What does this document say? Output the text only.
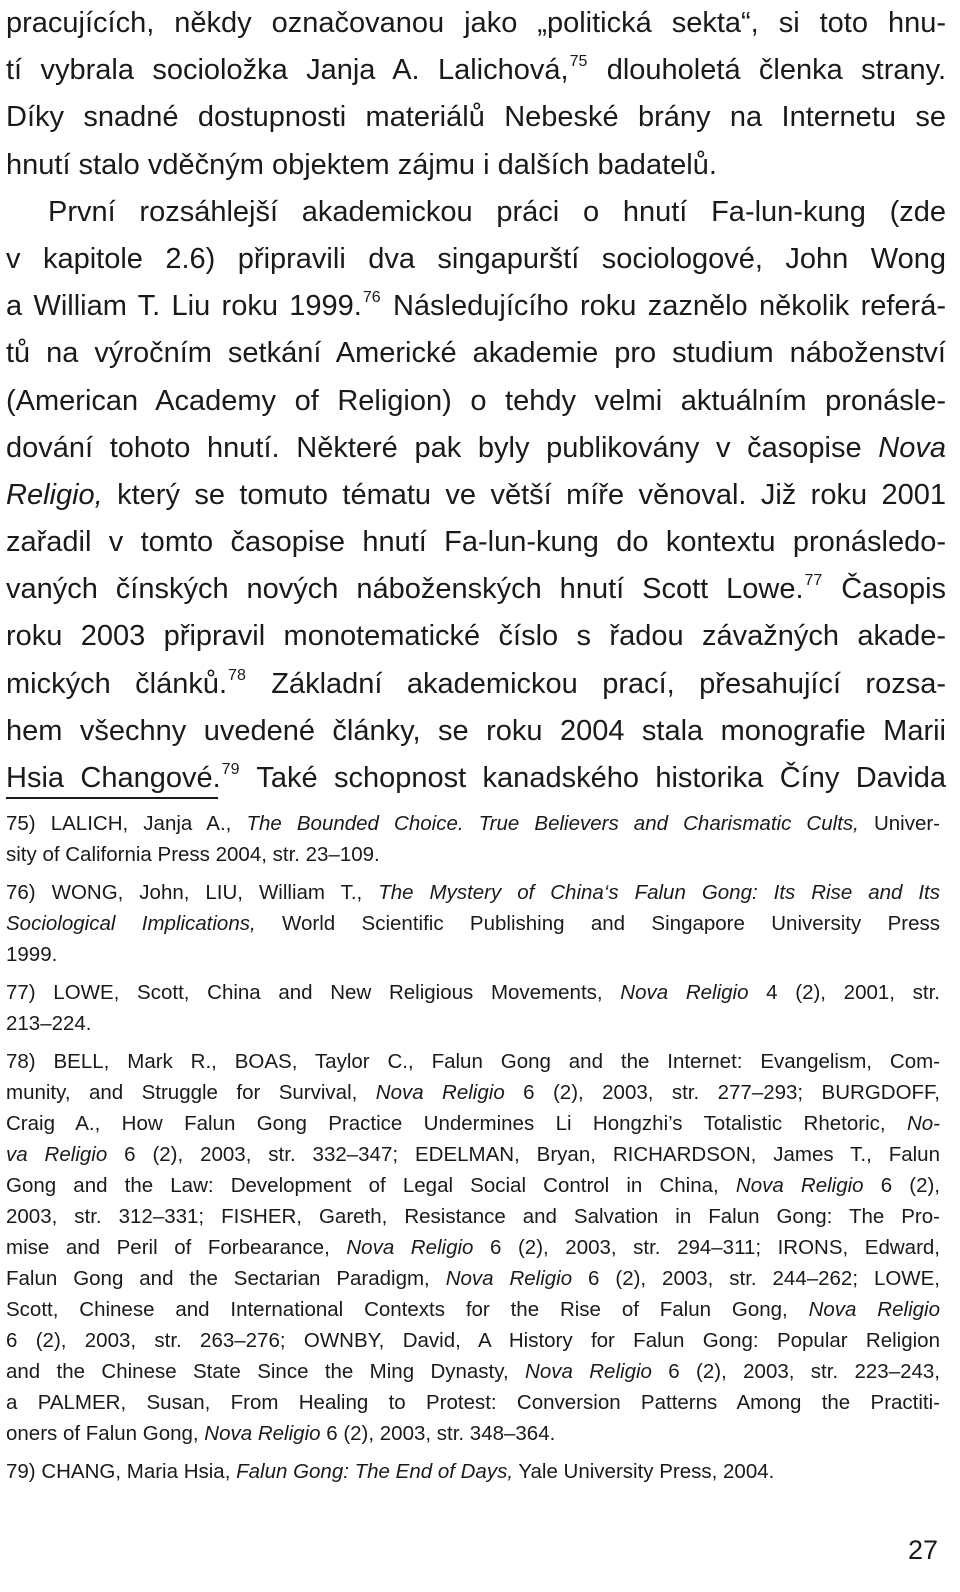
pracujících, někdy označovanou jako „politická sekta“, si toto hnu-
tí vybrala socioložka Janja A. Lalichová,$^{75}$ dlouholetá členka strany.
Díky snadné dostupnosti materiálů Nebeské brány na Internetu se
hnutí stalo vděčným objektem zájmu i dalších badatelů.
První rozsáhlejší akademickou práci o hnutí Fa-lun-kung (zde
v kapitole 2.6) připravili dva singapurští sociologové, John Wong
a William T. Liu roku 1999.76 Následujícího roku zaznělo několik referá-
tů na výročním setkání Americké akademie pro studium náboženství
(American Academy of Religion) o tehdy velmi aktuálním pronásle-
dování tohoto hnutí. Některé pak byly publikovány v časopise Nova
Religio, který se tomuto tématu ve větší míře věnoval. Již roku 2001
zařadil v tomto časopise hnutí Fa-lun-kung do kontextu pronásledo-
vaných čínských nových náboženských hnutí Scott Lowe.$^{77}$ Časopis
roku 2003 připravil monotematické číslo s řadou závažných akade-
mických článků.$^{78}$ Základní akademickou prací, přesahující rozsa-
hem všechny uvedené články, se roku 2004 stala monografie Marii
Hsia Changové.$^{79}$ Také schopnost kanadského historika Číny Davida
75) LALICH, Janja A., The Bounded Choice. True Believers and Charismatic Cults, Univer-
sity of California Press 2004, str. 23–109.
76) WONG, John, LIU, William T., The Mystery of China‘s Falun Gong: Its Rise and Its
Sociological Implications, World Scientific Publishing and Singapore University Press
1999.
77) LOWE, Scott, China and New Religious Movements, Nova Religio 4 (2), 2001, str.
213–224.
78) BELL, Mark R., BOAS, Taylor C., Falun Gong and the Internet: Evangelism, Com-
munity, and Struggle for Survival, Nova Religio 6 (2), 2003, str. 277–293; BURGDOFF,
Craig A., How Falun Gong Practice Undermines Li Hongzhi’s Totalistic Rhetoric, No-
va Religio 6 (2), 2003, str. 332–347; EDELMAN, Bryan, RICHARDSON, James T., Falun
Gong and the Law: Development of Legal Social Control in China, Nova Religio 6 (2),
2003, str. 312–331; FISHER, Gareth, Resistance and Salvation in Falun Gong: The Pro-
mise and Peril of Forbearance, Nova Religio 6 (2), 2003, str. 294–311; IRONS, Edward,
Falun Gong and the Sectarian Paradigm, Nova Religio 6 (2), 2003, str. 244–262; LOWE,
Scott, Chinese and International Contexts for the Rise of Falun Gong, Nova Religio
6 (2), 2003, str. 263–276; OWNBY, David, A History for Falun Gong: Popular Religion
and the Chinese State Since the Ming Dynasty, Nova Religio 6 (2), 2003, str. 223–243,
a PALMER, Susan, From Healing to Protest: Conversion Patterns Among the Practiti-
oners of Falun Gong, Nova Religio 6 (2), 2003, str. 348–364.
79) CHANG, Maria Hsia, Falun Gong: The End of Days, Yale University Press, 2004.
27
